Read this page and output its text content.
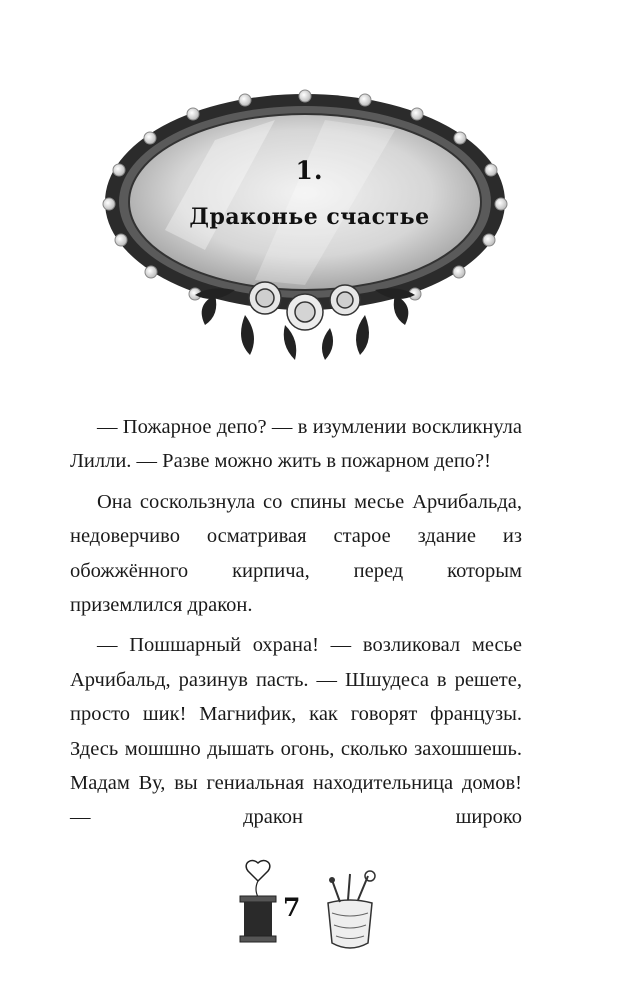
1.
Драконье счастье

— Пожарное депо? — в изумлении воскликнула Лилли. — Разве можно жить в пожарном депо?!

Она соскользнула со спины месье Арчибальда, недоверчиво осматривая старое здание из обожжённого кирпича, перед которым приземлился дракон.

— Пошшарный охрана! — возликовал месье Арчибальд, разинув пасть. — Шшудеса в решете, просто шик! Магнифик, как говорят французы. Здесь мошшно дышать огонь, сколько захошшешь. Мадам Ву, вы гениальная находительница домов! — дракон широко

7
